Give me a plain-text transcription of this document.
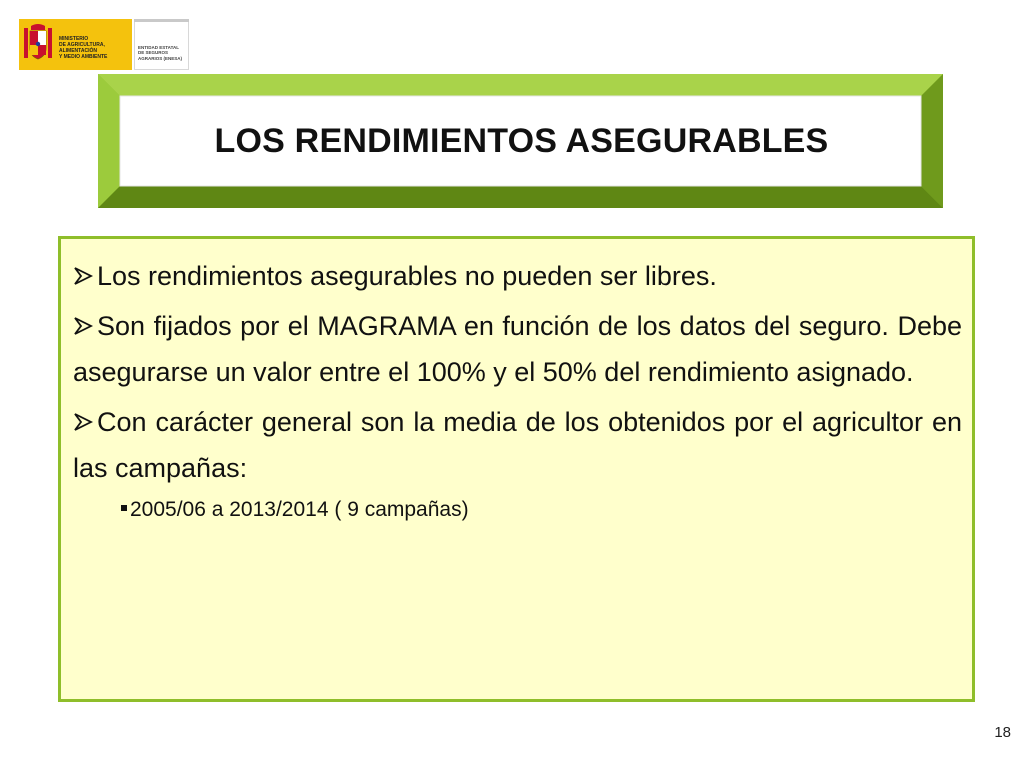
MINISTERIO
DE AGRICULTURA, ALIMENTACIÓN
Y MEDIO AMBIENTE

ENTIDAD ESTATAL
DE SEGUROS
AGRARIOS (ENESA)

LOS RENDIMIENTOS ASEGURABLES

Los rendimientos asegurables no pueden ser libres.

Son fijados por el MAGRAMA en función de los datos del seguro. Debe asegurarse un valor entre el 100% y el 50% del rendimiento asignado.

Con carácter general son la media de los obtenidos por el agricultor en las campañas:

2005/06 a 2013/2014 ( 9 campañas)

18
